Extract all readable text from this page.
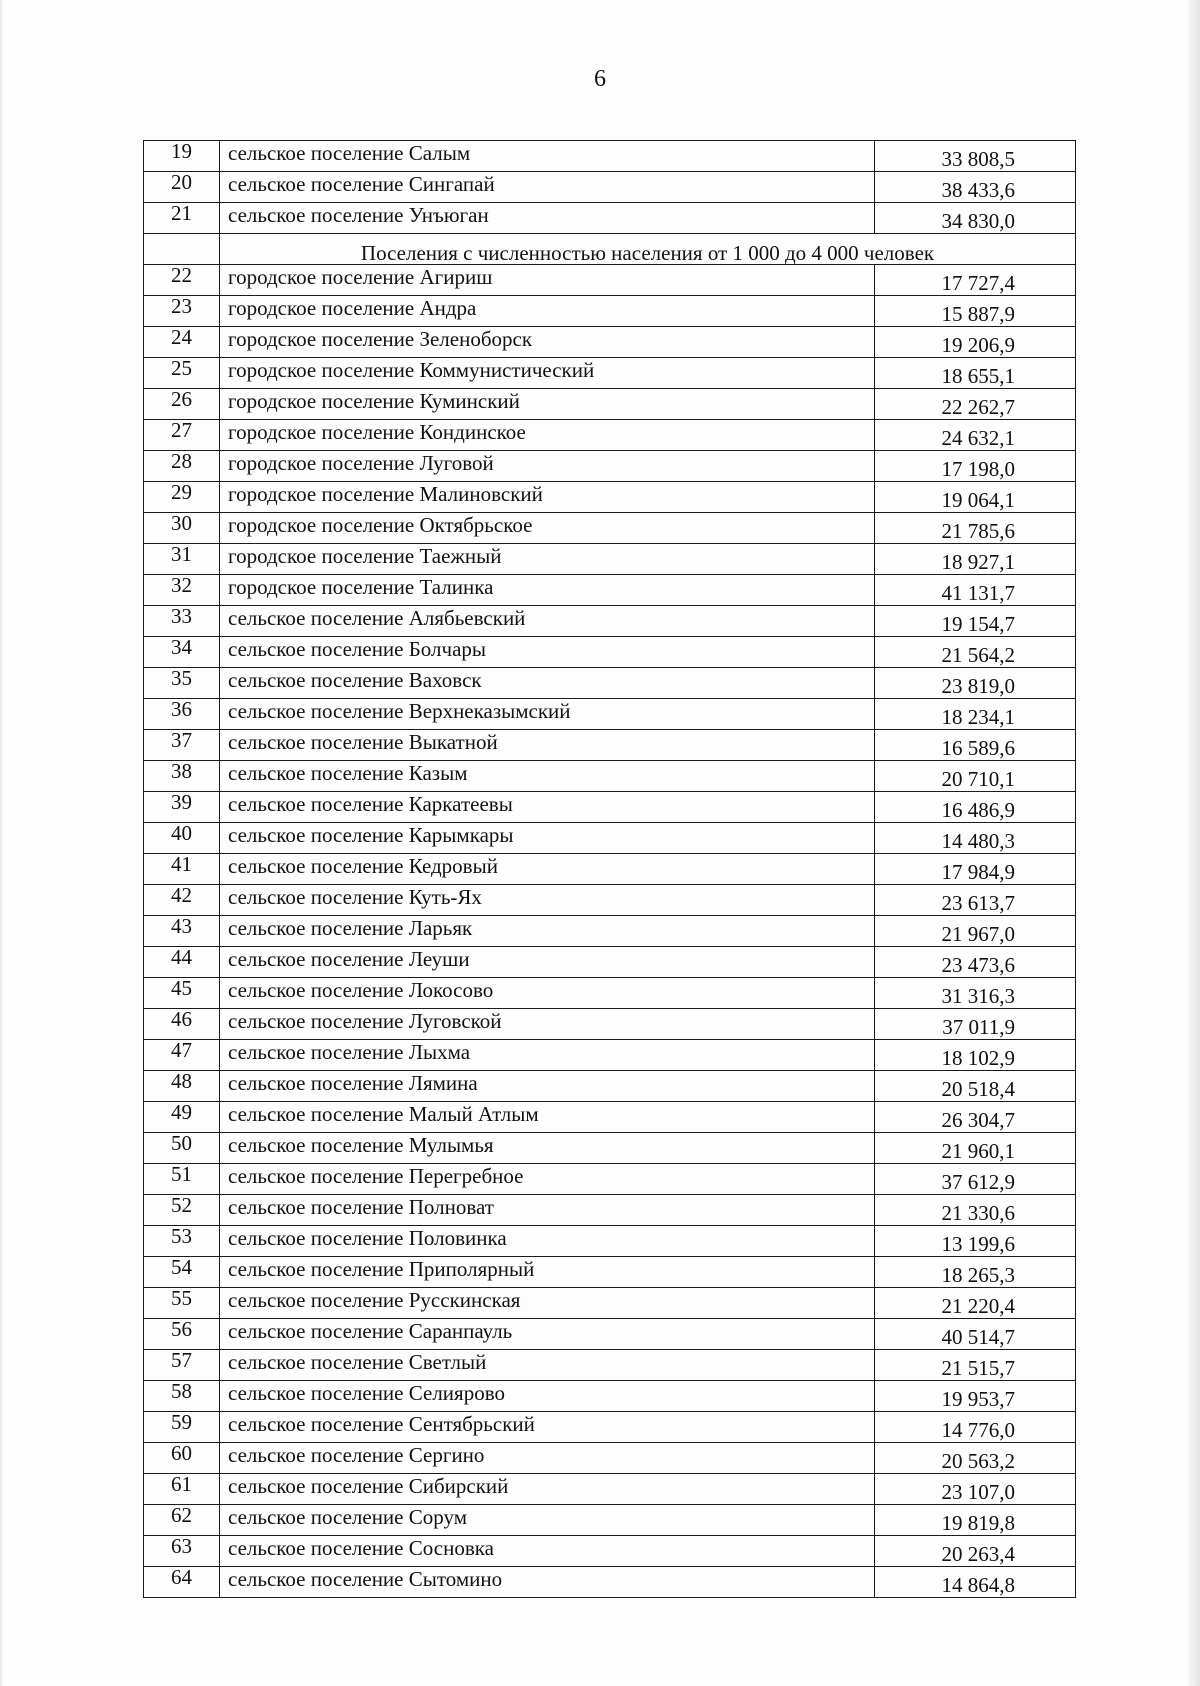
6
19	сельское поселение Салым	33 808,5
20	сельское поселение Сингапай	38 433,6
21	сельское поселение Унъюган	34 830,0
	Поселения с численностью населения от 1 000 до 4 000 человек	
22	городское поселение Агириш	17 727,4
23	городское поселение Андра	15 887,9
24	городское поселение Зеленоборск	19 206,9
25	городское поселение Коммунистический	18 655,1
26	городское поселение Куминский	22 262,7
27	городское поселение Кондинское	24 632,1
28	городское поселение Луговой	17 198,0
29	городское поселение Малиновский	19 064,1
30	городское поселение Октябрьское	21 785,6
31	городское поселение Таежный	18 927,1
32	городское поселение Талинка	41 131,7
33	сельское поселение Алябьевский	19 154,7
34	сельское поселение Болчары	21 564,2
35	сельское поселение Ваховск	23 819,0
36	сельское поселение Верхнеказымский	18 234,1
37	сельское поселение Выкатной	16 589,6
38	сельское поселение Казым	20 710,1
39	сельское поселение Каркатеевы	16 486,9
40	сельское поселение Карымкары	14 480,3
41	сельское поселение Кедровый	17 984,9
42	сельское поселение Куть-Ях	23 613,7
43	сельское поселение Ларьяк	21 967,0
44	сельское поселение Леуши	23 473,6
45	сельское поселение Локосово	31 316,3
46	сельское поселение Луговской	37 011,9
47	сельское поселение Лыхма	18 102,9
48	сельское поселение Лямина	20 518,4
49	сельское поселение Малый Атлым	26 304,7
50	сельское поселение Мулымья	21 960,1
51	сельское поселение Перегребное	37 612,9
52	сельское поселение Полноват	21 330,6
53	сельское поселение Половинка	13 199,6
54	сельское поселение Приполярный	18 265,3
55	сельское поселение Русскинская	21 220,4
56	сельское поселение Саранпауль	40 514,7
57	сельское поселение Светлый	21 515,7
58	сельское поселение Селиярово	19 953,7
59	сельское поселение Сентябрьский	14 776,0
60	сельское поселение Сергино	20 563,2
61	сельское поселение Сибирский	23 107,0
62	сельское поселение Сорум	19 819,8
63	сельское поселение Сосновка	20 263,4
64	сельское поселение Сытомино	14 864,8
